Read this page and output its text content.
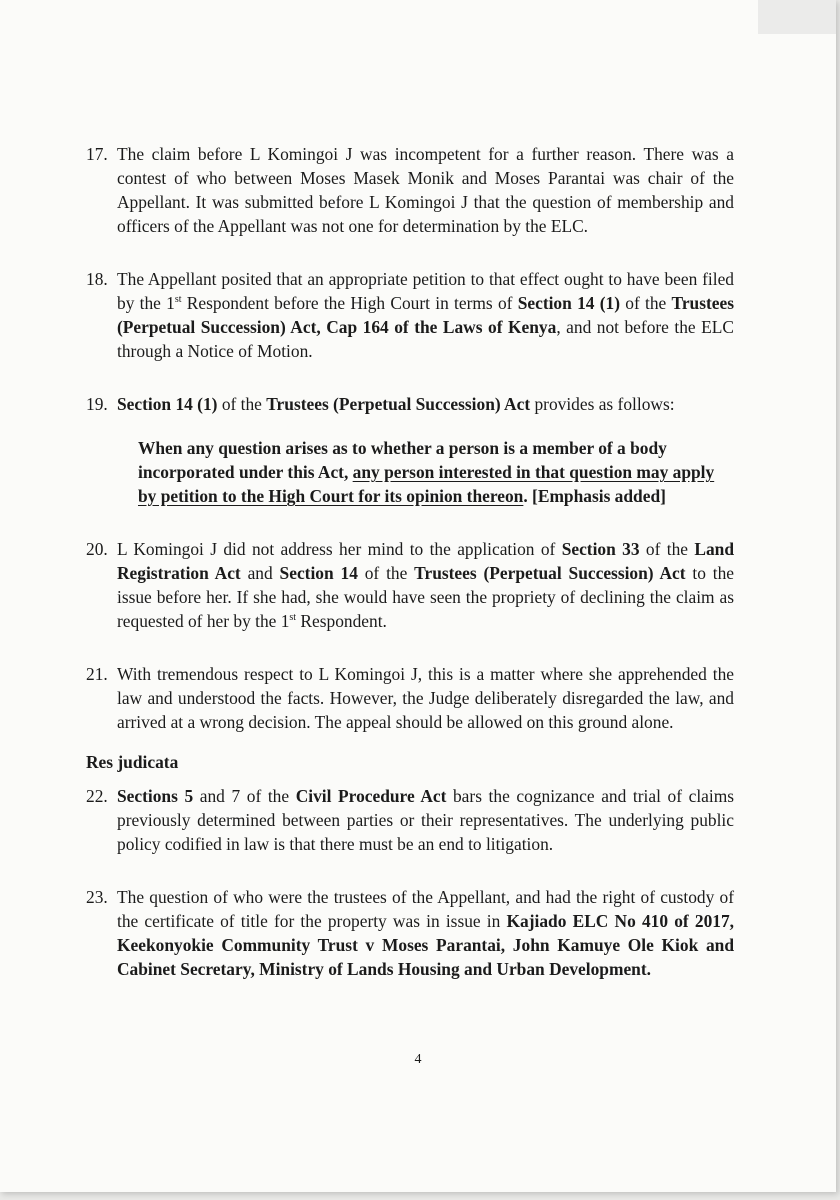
17. The claim before L Komingoi J was incompetent for a further reason. There was a contest of who between Moses Masek Monik and Moses Parantai was chair of the Appellant. It was submitted before L Komingoi J that the question of membership and officers of the Appellant was not one for determination by the ELC.

18. The Appellant posited that an appropriate petition to that effect ought to have been filed by the 1st Respondent before the High Court in terms of Section 14 (1) of the Trustees (Perpetual Succession) Act, Cap 164 of the Laws of Kenya, and not before the ELC through a Notice of Motion.

19. Section 14 (1) of the Trustees (Perpetual Succession) Act provides as follows:

When any question arises as to whether a person is a member of a body incorporated under this Act, any person interested in that question may apply by petition to the High Court for its opinion thereon. [Emphasis added]

20. L Komingoi J did not address her mind to the application of Section 33 of the Land Registration Act and Section 14 of the Trustees (Perpetual Succession) Act to the issue before her. If she had, she would have seen the propriety of declining the claim as requested of her by the 1st Respondent.

21. With tremendous respect to L Komingoi J, this is a matter where she apprehended the law and understood the facts. However, the Judge deliberately disregarded the law, and arrived at a wrong decision. The appeal should be allowed on this ground alone.

Res judicata

22. Sections 5 and 7 of the Civil Procedure Act bars the cognizance and trial of claims previously determined between parties or their representatives. The underlying public policy codified in law is that there must be an end to litigation.

23. The question of who were the trustees of the Appellant, and had the right of custody of the certificate of title for the property was in issue in Kajiado ELC No 410 of 2017, Keekonyokie Community Trust v Moses Parantai, John Kamuye Ole Kiok and Cabinet Secretary, Ministry of Lands Housing and Urban Development.

4
